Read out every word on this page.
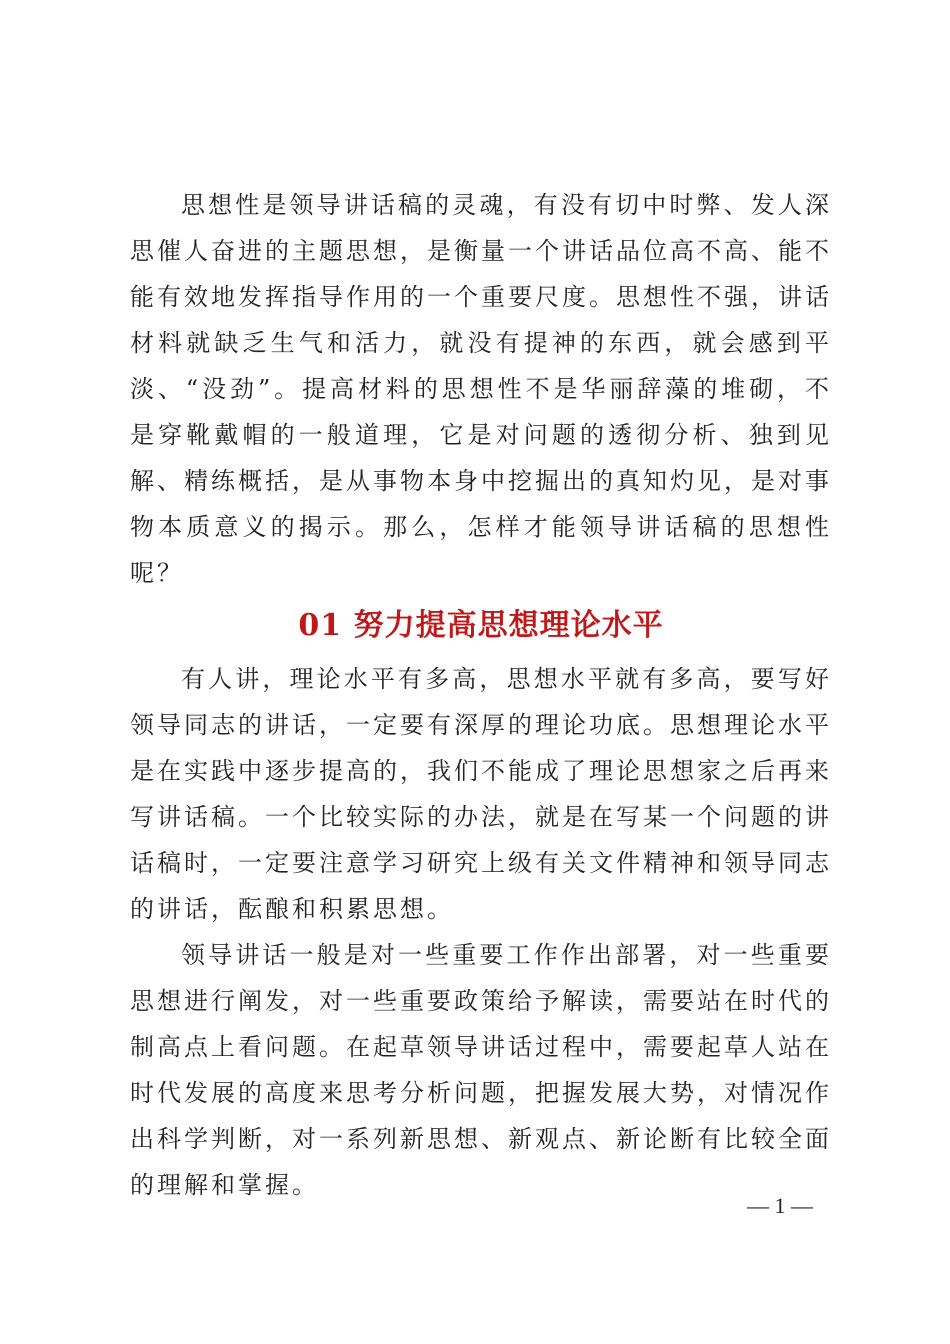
思想性是领导讲话稿的灵魂，有没有切中时弊、发人深思催人奋进的主题思想，是衡量一个讲话品位高不高、能不能有效地发挥指导作用的一个重要尺度。思想性不强，讲话材料就缺乏生气和活力，就没有提神的东西，就会感到平淡、“没劲”。提高材料的思想性不是华丽辞藻的堆砌，不是穿靴戴帽的一般道理，它是对问题的透彻分析、独到见解、精练概括，是从事物本身中挖掘出的真知灼见，是对事物本质意义的揭示。那么，怎样才能领导讲话稿的思想性呢？

01 努力提高思想理论水平

有人讲，理论水平有多高，思想水平就有多高，要写好领导同志的讲话，一定要有深厚的理论功底。思想理论水平是在实践中逐步提高的，我们不能成了理论思想家之后再来写讲话稿。一个比较实际的办法，就是在写某一个问题的讲话稿时，一定要注意学习研究上级有关文件精神和领导同志的讲话，酝酿和积累思想。

领导讲话一般是对一些重要工作作出部署，对一些重要思想进行阐发，对一些重要政策给予解读，需要站在时代的制高点上看问题。在起草领导讲话过程中，需要起草人站在时代发展的高度来思考分析问题，把握发展大势，对情况作出科学判断，对一系列新思想、新观点、新论断有比较全面的理解和掌握。

— 1 —
